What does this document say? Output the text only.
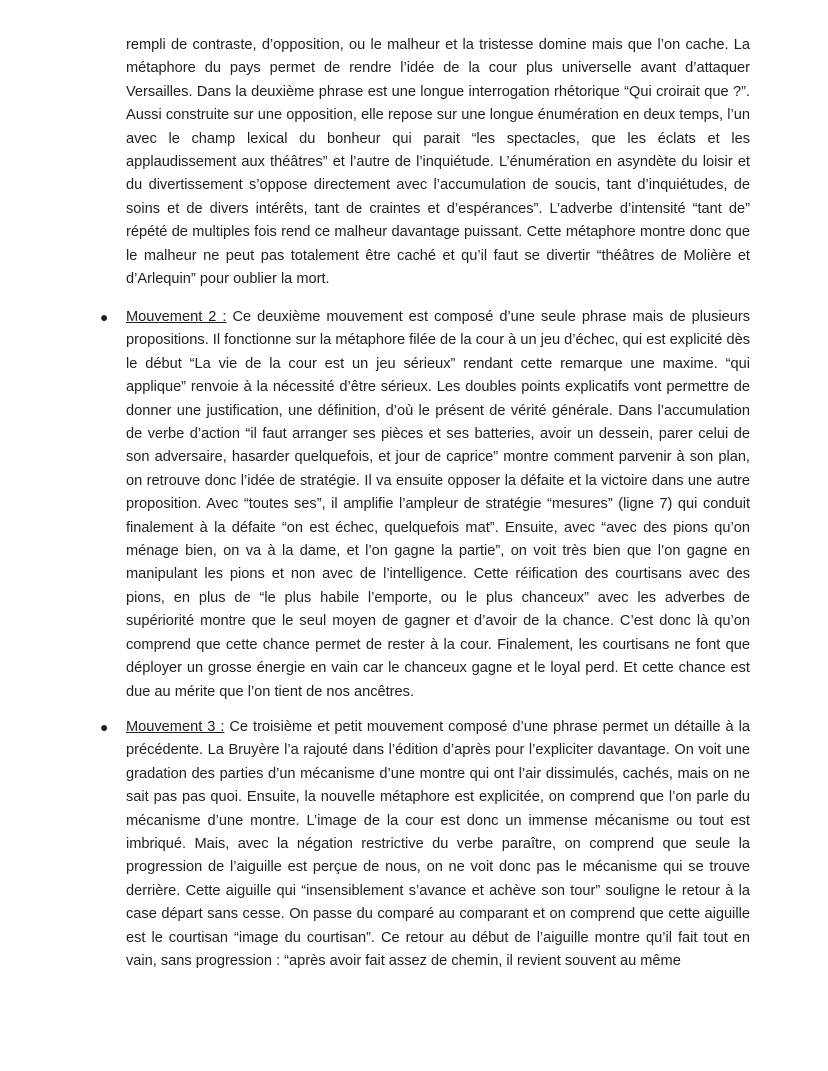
rempli de contraste, d’opposition, ou le malheur et la tristesse domine mais que l’on cache. La métaphore du pays permet de rendre l’idée de la cour plus universelle avant d’attaquer Versailles. Dans la deuxième phrase est une longue interrogation rhétorique “Qui croirait que ?”. Aussi construite sur une opposition, elle repose sur une longue énumération en deux temps, l’un avec le champ lexical du bonheur qui parait “les spectacles, que les éclats et les applaudissement aux théâtres” et l’autre de l’inquiétude. L’énumération en asyndète du loisir et du divertissement s’oppose directement avec l’accumulation de soucis, tant d’inquiétudes, de soins et de divers intérêts, tant de craintes et d’espérances”. L’adverbe d’intensité “tant de” répété de multiples fois rend ce malheur davantage puissant. Cette métaphore montre donc que le malheur ne peut pas totalement être caché et qu’il faut se divertir “théâtres de Molière et d’Arlequin” pour oublier la mort.

● Mouvement 2 : Ce deuxième mouvement est composé d’une seule phrase mais de plusieurs propositions. Il fonctionne sur la métaphore filée de la cour à un jeu d’échec, qui est explicité dès le début “La vie de la cour est un jeu sérieux” rendant cette remarque une maxime. “qui applique” renvoie à la nécessité d’être sérieux. Les doubles points explicatifs vont permettre de donner une justification, une définition, d’où le présent de vérité générale. Dans l’accumulation de verbe d’action “il faut arranger ses pièces et ses batteries, avoir un dessein, parer celui de son adversaire, hasarder quelquefois, et jour de caprice” montre comment parvenir à son plan, on retrouve donc l’idée de stratégie. Il va ensuite opposer la défaite et la victoire dans une autre proposition. Avec “toutes ses”, il amplifie l’ampleur de stratégie “mesures” (ligne 7) qui conduit finalement à la défaite “on est échec, quelquefois mat”. Ensuite, avec “avec des pions qu’on ménage bien, on va à la dame, et l’on gagne la partie”, on voit très bien que l’on gagne en manipulant les pions et non avec de l’intelligence. Cette réification des courtisans avec des pions, en plus de “le plus habile l’emporte, ou le plus chanceux” avec les adverbes de supériorité montre que le seul moyen de gagner et d’avoir de la chance. C’est donc là qu’on comprend que cette chance permet de rester à la cour. Finalement, les courtisans ne font que déployer un grosse énergie en vain car le chanceux gagne et le loyal perd. Et cette chance est due au mérite que l’on tient de nos ancêtres.

● Mouvement 3 : Ce troisième et petit mouvement composé d’une phrase permet un détaille à la précédente. La Bruyère l’a rajouté dans l’édition d’après pour l’expliciter davantage. On voit une gradation des parties d’un mécanisme d’une montre qui ont l’air dissimulés, cachés, mais on ne sait pas pas quoi. Ensuite, la nouvelle métaphore est explicitée, on comprend que l’on parle du mécanisme d’une montre. L’image de la cour est donc un immense mécanisme ou tout est imbriqué. Mais, avec la négation restrictive du verbe paraître, on comprend que seule la progression de l’aiguille est perçue de nous, on ne voit donc pas le mécanisme qui se trouve derrière. Cette aiguille qui “insensiblement s’avance et achève son tour” souligne le retour à la case départ sans cesse. On passe du comparé au comparant et on comprend que cette aiguille est le courtisan “image du courtisan”. Ce retour au début de l’aiguille montre qu’il fait tout en vain, sans progression : “après avoir fait assez de chemin, il revient souvent au même
